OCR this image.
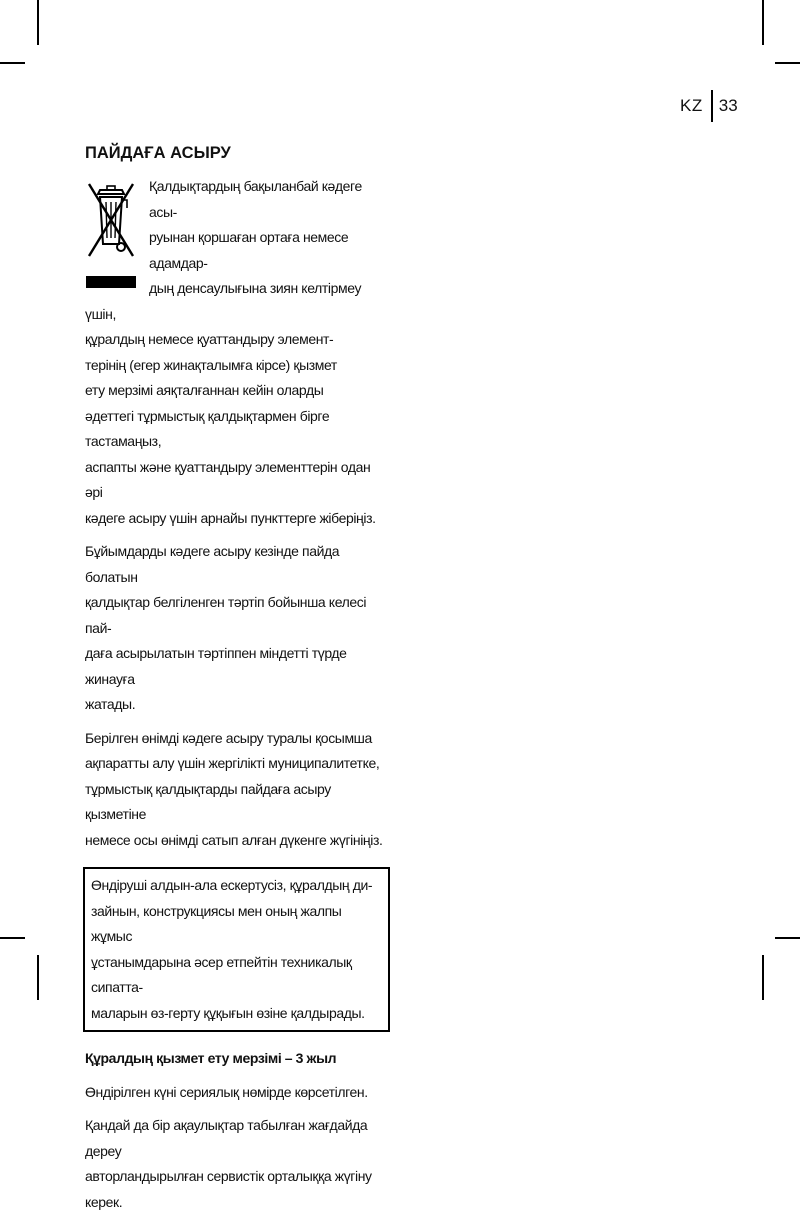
KZ 33
ПАЙДАҒА АСЫРУ

Қалдықтардың бақыланбай кәдеге асы-
руынан қоршаған ортаға немесе адамдар-
дың денсаулығына зиян келтірмеу үшін,
құралдың немесе қуаттандыру элемент-
терінің (егер жинақталымға кірсе) қызмет
ету мерзімі аяқталғаннан кейін оларды
әдеттегі тұрмыстық қалдықтармен бірге тастамаңыз,
аспапты және қуаттандыру элементтерін одан әрі
кәдеге асыру үшін арнайы пункттерге жіберіңіз.

Бұйымдарды кәдеге асыру кезінде пайда болатын
қалдықтар белгіленген тәртіп бойынша келесі пай-
даға асырылатын тәртіппен міндетті түрде жинауға
жатады.

Берілген өнімді кәдеге асыру туралы қосымша
ақпаратты алу үшін жергілікті муниципалитетке,
тұрмыстық қалдықтарды пайдаға асыру қызметіне
немесе осы өнімді сатып алған дүкенге жүгініңіз.

Өндіруші алдын-ала ескертусіз, құралдың ди-
зайнын, конструкциясы мен оның жалпы жұмыс
ұстанымдарына әсер етпейтін техникалық сипатта-
маларын өз-герту құқығын өзіне қалдырады.

Құралдың қызмет ету мерзімі – 3 жыл

Өндірілген күні сериялық нөмірде көрсетілген.

Қандай да бір ақаулықтар табылған жағдайда дереу
авторландырылған сервистік орталыққа жүгіну керек.
